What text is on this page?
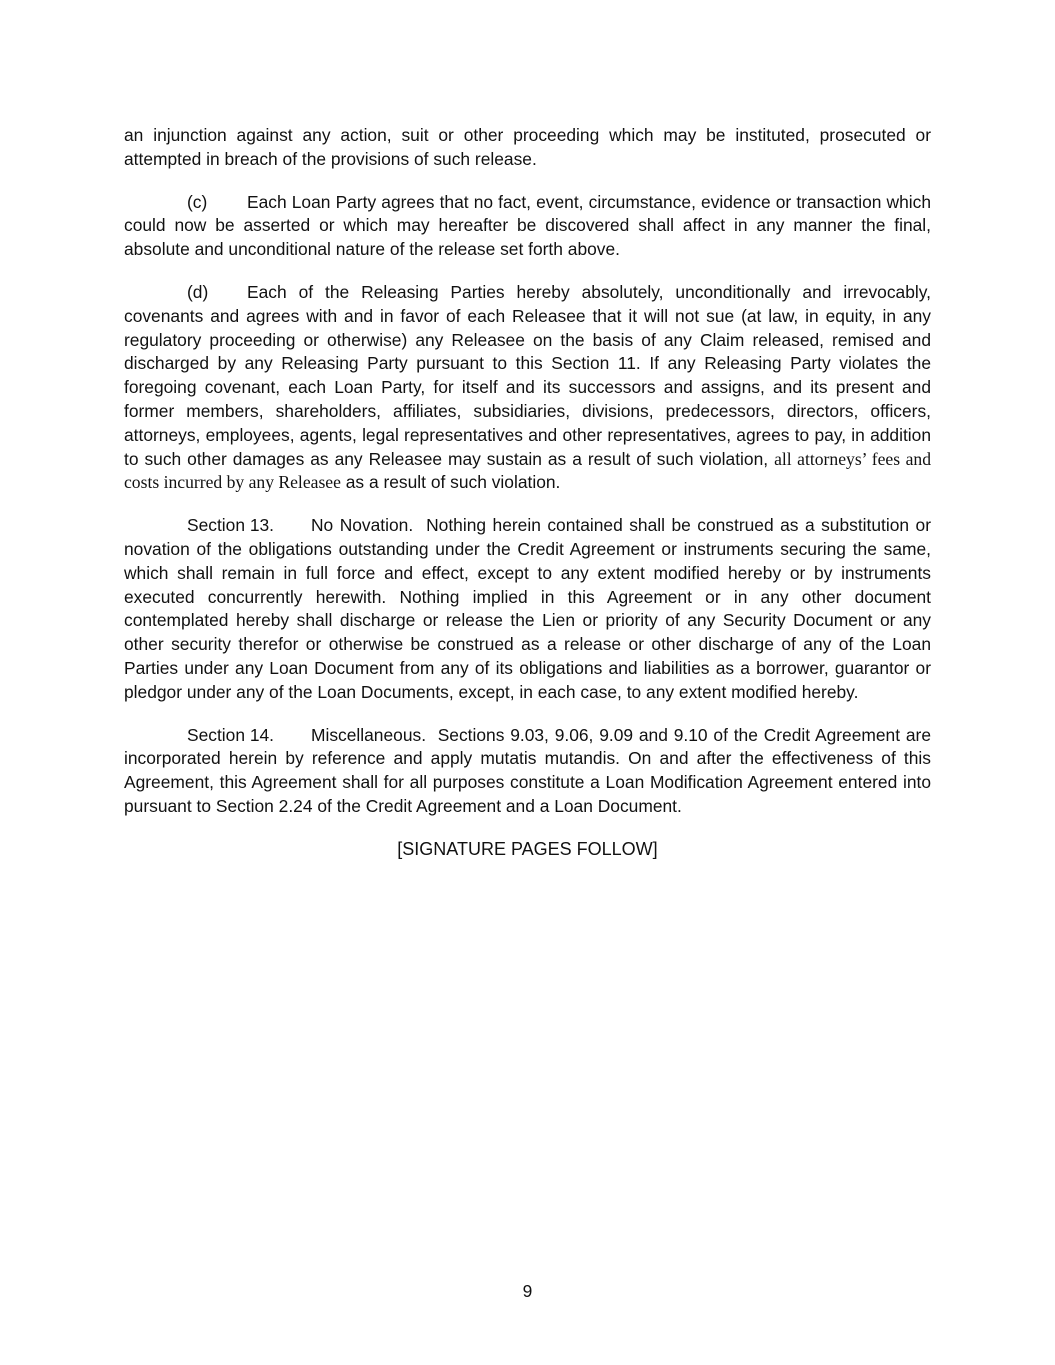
an injunction against any action, suit or other proceeding which may be instituted, prosecuted or attempted in breach of the provisions of such release.

(c) Each Loan Party agrees that no fact, event, circumstance, evidence or transaction which could now be asserted or which may hereafter be discovered shall affect in any manner the final, absolute and unconditional nature of the release set forth above.

(d) Each of the Releasing Parties hereby absolutely, unconditionally and irrevocably, covenants and agrees with and in favor of each Releasee that it will not sue (at law, in equity, in any regulatory proceeding or otherwise) any Releasee on the basis of any Claim released, remised and discharged by any Releasing Party pursuant to this Section 11. If any Releasing Party violates the foregoing covenant, each Loan Party, for itself and its successors and assigns, and its present and former members, shareholders, affiliates, subsidiaries, divisions, predecessors, directors, officers, attorneys, employees, agents, legal representatives and other representatives, agrees to pay, in addition to such other damages as any Releasee may sustain as a result of such violation, all attorneys’ fees and costs incurred by any Releasee as a result of such violation.

Section 13. No Novation. Nothing herein contained shall be construed as a substitution or novation of the obligations outstanding under the Credit Agreement or instruments securing the same, which shall remain in full force and effect, except to any extent modified hereby or by instruments executed concurrently herewith. Nothing implied in this Agreement or in any other document contemplated hereby shall discharge or release the Lien or priority of any Security Document or any other security therefor or otherwise be construed as a release or other discharge of any of the Loan Parties under any Loan Document from any of its obligations and liabilities as a borrower, guarantor or pledgor under any of the Loan Documents, except, in each case, to any extent modified hereby.

Section 14. Miscellaneous. Sections 9.03, 9.06, 9.09 and 9.10 of the Credit Agreement are incorporated herein by reference and apply mutatis mutandis. On and after the effectiveness of this Agreement, this Agreement shall for all purposes constitute a Loan Modification Agreement entered into pursuant to Section 2.24 of the Credit Agreement and a Loan Document.

[SIGNATURE PAGES FOLLOW]

9
